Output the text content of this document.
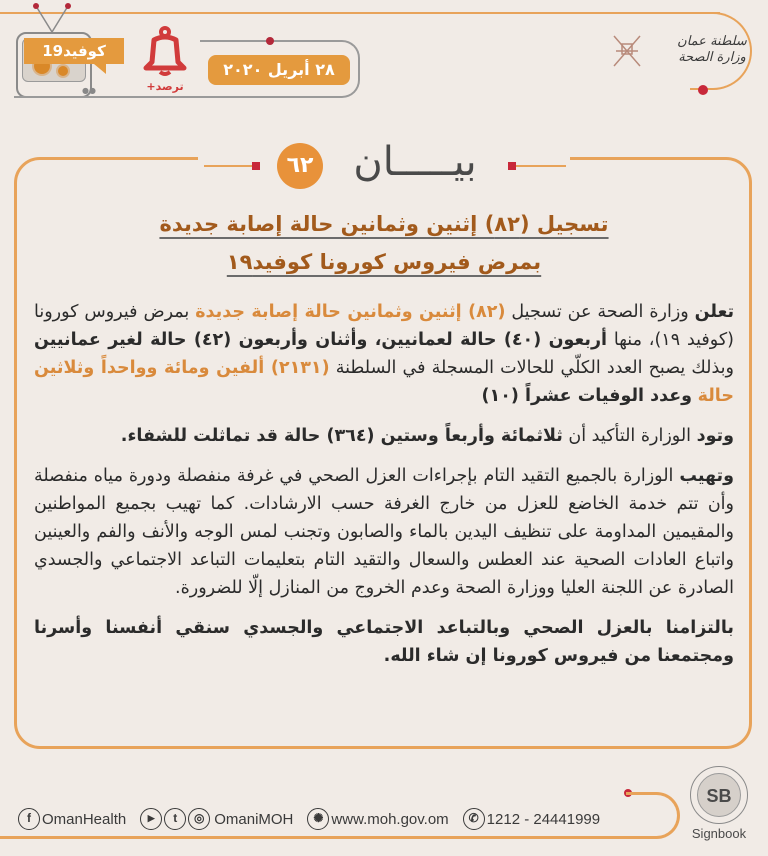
سلطنة عمان
وزارة الصحة
●●
كوفيد19
ترصد+
٢٨ أبريل ٢٠٢٠
٦٢ بيـــــان
تسجيل (٨٢) إثنين وثمانين حالة إصابة جديدة
بمرض فيروس كورونا كوفيد١٩

تعلن وزارة الصحة عن تسجيل (٨٢) إثنين وثمانين حالة إصابة جديدة بمرض فيروس كورونا (كوفيد ١٩)، منها أربعون (٤٠) حالة لعمانيين، وأثنان وأربعون (٤٢) حالة لغير عمانيين وبذلك يصبح العدد الكلّي للحالات المسجلة في السلطنة (٢١٣١) ألفين ومائة وواحداً وثلاثين حالة وعدد الوفيات عشراً (١٠)

وتود الوزارة التأكيد أن ثلاثمائة وأربعاً وستين (٣٦٤) حالة قد تماثلت للشفاء.

وتهيب الوزارة بالجميع التقيد التام بإجراءات العزل الصحي في غرفة منفصلة ودورة مياه منفصلة وأن تتم خدمة الخاضع للعزل من خارج الغرفة حسب الارشادات. كما تهيب بجميع المواطنين والمقيمين المداومة على تنظيف اليدين بالماء والصابون وتجنب لمس الوجه والأنف والفم والعينين واتباع العادات الصحية عند العطس والسعال والتقيد التام بتعليمات التباعد الاجتماعي والجسدي الصادرة عن اللجنة العليا ووزارة الصحة وعدم الخروج من المنازل إلّا للضرورة.

بالتزامنا بالعزل الصحي وبالتباعد الاجتماعي والجسدي سنقي أنفسنا وأسرنا ومجتمعنا من فيروس كورونا إن شاء الله.

f OmanHealth	▶	t	◎ OmaniMOH	✺ www.moh.gov.om	✆ 1212 - 24441999
SB
Signbook
